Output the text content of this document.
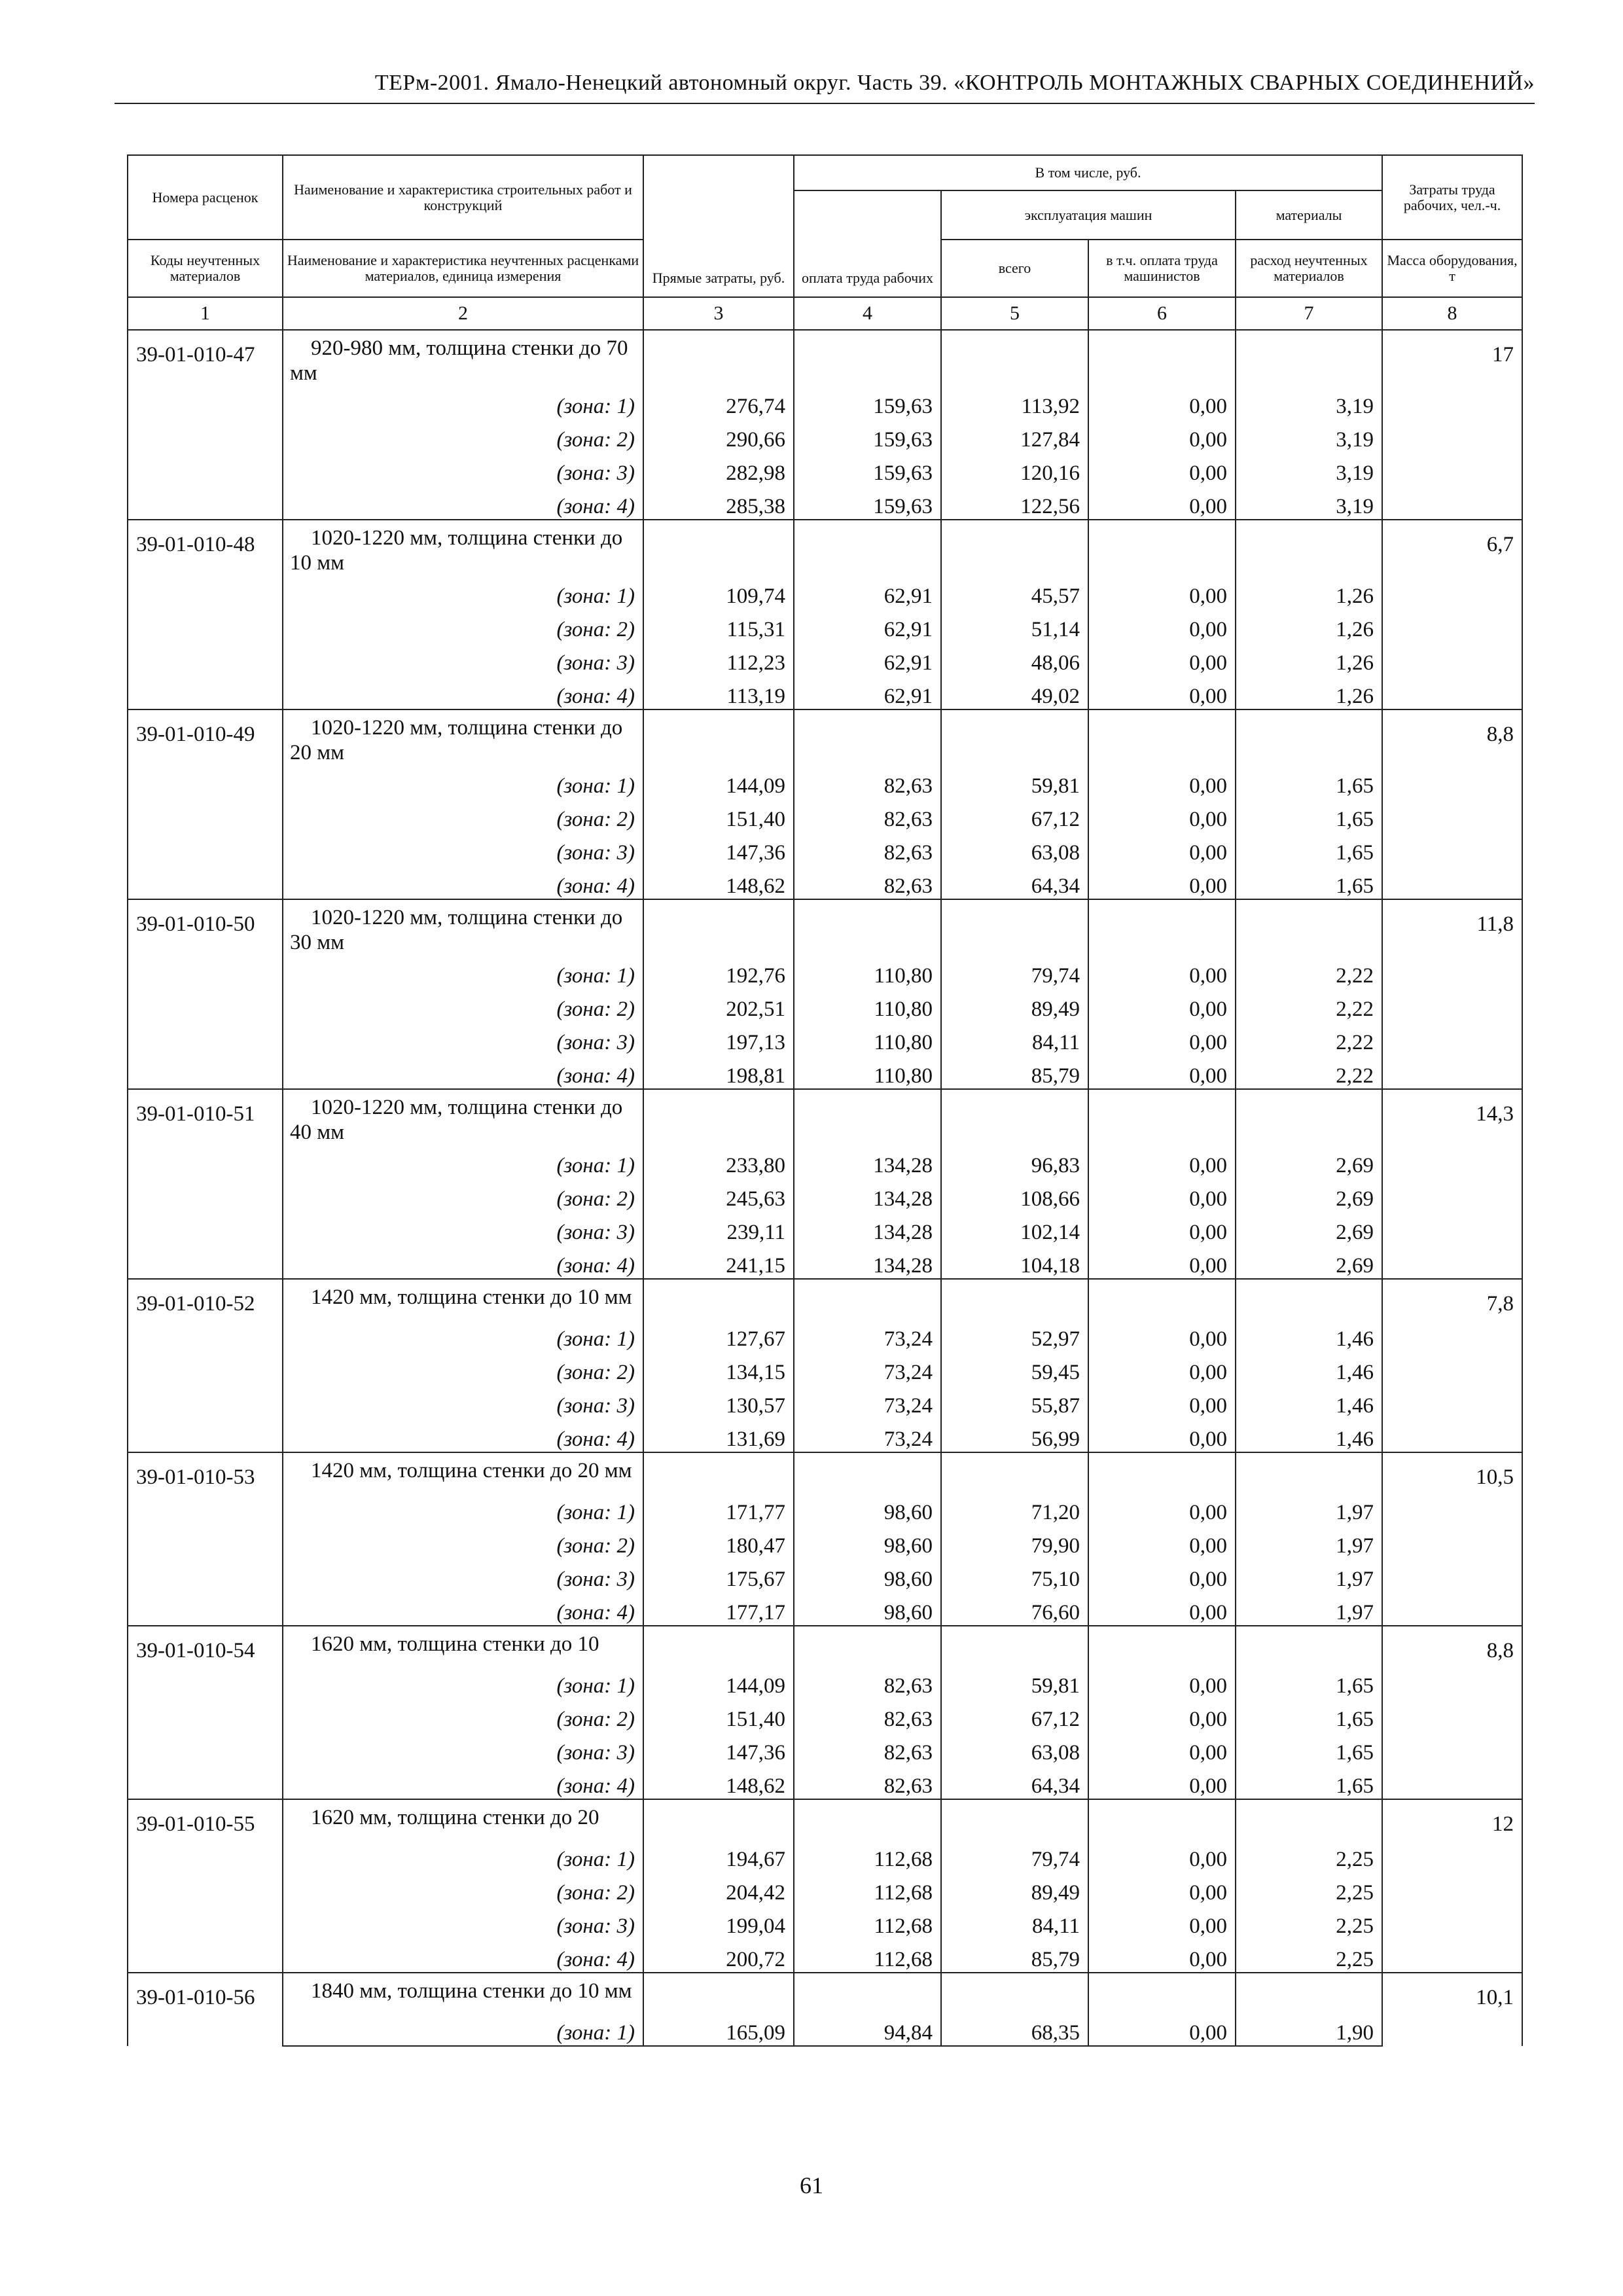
ТЕРм-2001. Ямало-Ненецкий автономный округ. Часть 39. «КОНТРОЛЬ МОНТАЖНЫХ СВАРНЫХ СОЕДИНЕНИЙ»
Номера расценок	Наименование и характеристика строительных работ и конструкций	Прямые затраты, руб.	В том числе, руб.				Затраты труда рабочих, чел.-ч.
			оплата труда рабочих	эксплуатация машин		материалы	
Коды неучтенных материалов	Наименование и характеристика неучтенных расценками материалов, единица измерения			всего	в т.ч. оплата труда машинистов	расход неучтенных материалов	Масса оборудования, т
1	2	3	4	5	6	7	8
39-01-010-47	920-980 мм, толщина стенки до 70 мм						17
	(зона: 1)	276,74	159,63	113,92	0,00	3,19	
	(зона: 2)	290,66	159,63	127,84	0,00	3,19	
	(зона: 3)	282,98	159,63	120,16	0,00	3,19	
	(зона: 4)	285,38	159,63	122,56	0,00	3,19	
39-01-010-48	1020-1220 мм, толщина стенки до 10 мм						6,7
	(зона: 1)	109,74	62,91	45,57	0,00	1,26	
	(зона: 2)	115,31	62,91	51,14	0,00	1,26	
	(зона: 3)	112,23	62,91	48,06	0,00	1,26	
	(зона: 4)	113,19	62,91	49,02	0,00	1,26	
39-01-010-49	1020-1220 мм, толщина стенки до 20 мм						8,8
	(зона: 1)	144,09	82,63	59,81	0,00	1,65	
	(зона: 2)	151,40	82,63	67,12	0,00	1,65	
	(зона: 3)	147,36	82,63	63,08	0,00	1,65	
	(зона: 4)	148,62	82,63	64,34	0,00	1,65	
39-01-010-50	1020-1220 мм, толщина стенки до 30 мм						11,8
	(зона: 1)	192,76	110,80	79,74	0,00	2,22	
	(зона: 2)	202,51	110,80	89,49	0,00	2,22	
	(зона: 3)	197,13	110,80	84,11	0,00	2,22	
	(зона: 4)	198,81	110,80	85,79	0,00	2,22	
39-01-010-51	1020-1220 мм, толщина стенки до 40 мм						14,3
	(зона: 1)	233,80	134,28	96,83	0,00	2,69	
	(зона: 2)	245,63	134,28	108,66	0,00	2,69	
	(зона: 3)	239,11	134,28	102,14	0,00	2,69	
	(зона: 4)	241,15	134,28	104,18	0,00	2,69	
39-01-010-52	1420 мм, толщина стенки до 10 мм						7,8
	(зона: 1)	127,67	73,24	52,97	0,00	1,46	
	(зона: 2)	134,15	73,24	59,45	0,00	1,46	
	(зона: 3)	130,57	73,24	55,87	0,00	1,46	
	(зона: 4)	131,69	73,24	56,99	0,00	1,46	
39-01-010-53	1420 мм, толщина стенки до 20 мм						10,5
	(зона: 1)	171,77	98,60	71,20	0,00	1,97	
	(зона: 2)	180,47	98,60	79,90	0,00	1,97	
	(зона: 3)	175,67	98,60	75,10	0,00	1,97	
	(зона: 4)	177,17	98,60	76,60	0,00	1,97	
39-01-010-54	1620 мм, толщина стенки до 10						8,8
	(зона: 1)	144,09	82,63	59,81	0,00	1,65	
	(зона: 2)	151,40	82,63	67,12	0,00	1,65	
	(зона: 3)	147,36	82,63	63,08	0,00	1,65	
	(зона: 4)	148,62	82,63	64,34	0,00	1,65	
39-01-010-55	1620 мм, толщина стенки до 20						12
	(зона: 1)	194,67	112,68	79,74	0,00	2,25	
	(зона: 2)	204,42	112,68	89,49	0,00	2,25	
	(зона: 3)	199,04	112,68	84,11	0,00	2,25	
	(зона: 4)	200,72	112,68	85,79	0,00	2,25	
39-01-010-56	1840 мм, толщина стенки до 10 мм						10,1
	(зона: 1)	165,09	94,84	68,35	0,00	1,90	
61
